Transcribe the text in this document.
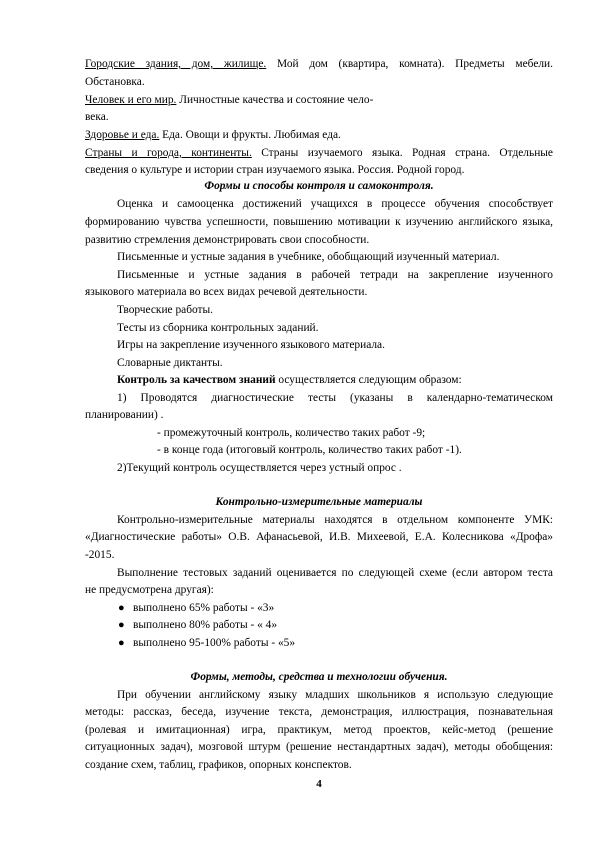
Городские здания, дом, жилище. Мой дом (квартира, комната). Предметы мебели.
Обстановка.
Человек и его мир. Личностные качества и состояние чело-
века.
Здоровье и еда. Еда. Овощи и фрукты. Любимая еда.
Страны и города, континенты. Страны изучаемого языка. Родная страна. Отдельные
сведения о культуре и истории стран изучаемого языка. Россия. Родной город.
Формы и способы контроля и самоконтроля.
Оценка и самооценка достижений учащихся в процессе обучения способствует
формированию чувства успешности, повышению мотивации к изучению английского языка,
развитию стремления демонстрировать свои способности.
Письменные и устные задания в учебнике, обобщающий изученный материал.
Письменные и устные задания в рабочей тетради на закрепление изученного
языкового материала во всех видах речевой деятельности.
Творческие работы.
Тесты из сборника контрольных заданий.
Игры на закрепление изученного языкового материала.
Словарные диктанты.
Контроль за качеством знаний осуществляется следующим образом:
1) Проводятся диагностические тесты (указаны в календарно-тематическом
планировании) .
- промежуточный контроль, количество таких работ -9;
- в конце года (итоговый контроль, количество таких работ -1).
2)Текущий контроль осуществляется через устный опрос .
Контрольно-измерительные материалы
Контрольно-измерительные материалы находятся в отдельном компоненте УМК:
«Диагностические работы» О.В. Афанасьевой, И.В. Михеевой, Е.А. Колесникова «Дрофа»
-2015.
Выполнение тестовых заданий оценивается по следующей схеме (если автором теста
не предусмотрена другая):
● выполнено 65% работы - «3»
● выполнено 80% работы - « 4»
● выполнено 95-100% работы - «5»
Формы, методы, средства и технологии обучения.
При обучении английскому языку младших школьников я использую следующие
методы: рассказ, беседа, изучение текста, демонстрация, иллюстрация, познавательная
(ролевая и имитационная) игра, практикум, метод проектов, кейс-метод (решение
ситуационных задач), мозговой штурм (решение нестандартных задач), методы обобщения:
создание схем, таблиц, графиков, опорных конспектов.
4
